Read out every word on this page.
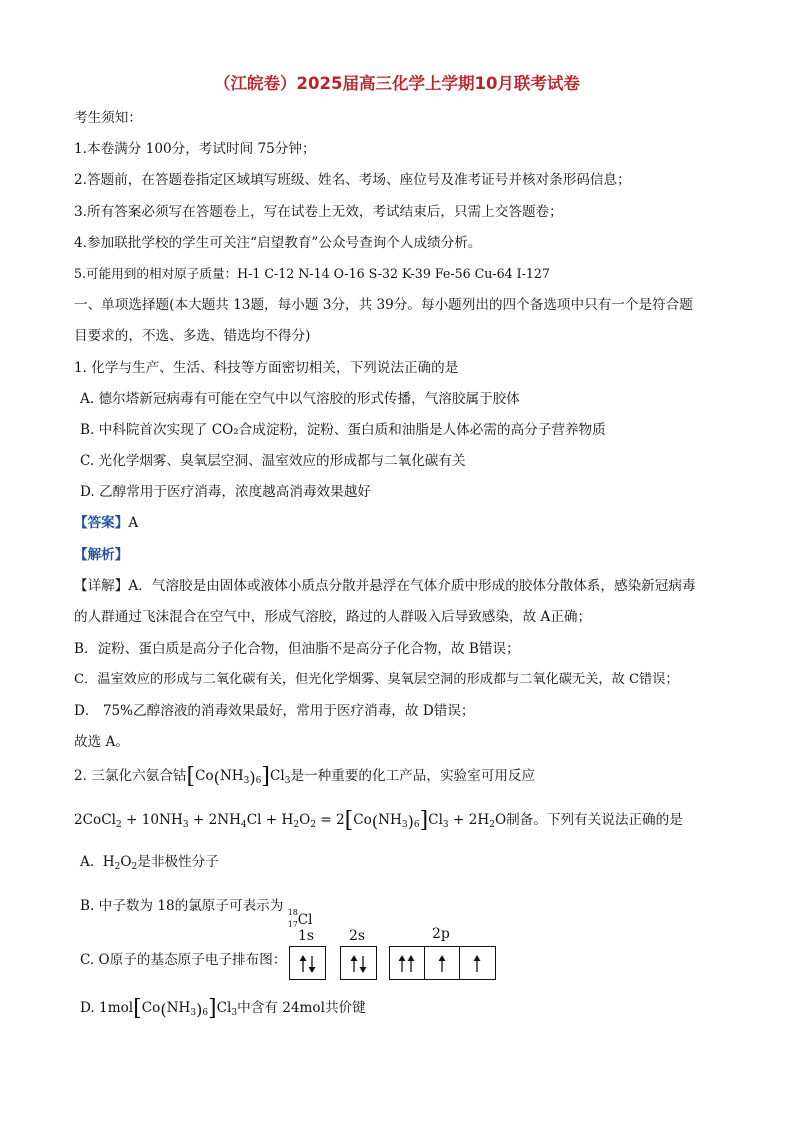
（江皖卷）2025届高三化学上学期10月联考试卷
考生须知：
1.本卷满分 100分，考试时间 75分钟；
2.答题前，在答题卷指定区域填写班级、姓名、考场、座位号及准考证号并核对条形码信息；
3.所有答案必须写在答题卷上，写在试卷上无效，考试结束后，只需上交答题卷；
4.参加联批学校的学生可关注“启望教育”公众号查询个人成绩分析。
5.可能用到的相对原子质量：H-1 C-12 N-14 O-16 S-32 K-39 Fe-56 Cu-64 I-127
一、单项选择题(本大题共 13题，每小题 3分，共 39分。每小题列出的四个备选项中只有一个是符合题
目要求的，不选、多选、错选均不得分)
1. 化学与生产、生活、科技等方面密切相关，下列说法正确的是
A. 德尔塔新冠病毒有可能在空气中以气溶胶的形式传播，气溶胶属于胶体
B. 中科院首次实现了 CO₂合成淀粉，淀粉、蛋白质和油脂是人体必需的高分子营养物质
C. 光化学烟雾、臭氧层空洞、温室效应的形成都与二氧化碳有关
D. 乙醇常用于医疗消毒，浓度越高消毒效果越好
【答案】A
【解析】
【详解】A．气溶胶是由固体或液体小质点分散并悬浮在气体介质中形成的胶体分散体系，感染新冠病毒
的人群通过飞沫混合在空气中，形成气溶胶，路过的人群吸入后导致感染，故 A正确；
B．淀粉、蛋白质是高分子化合物，但油脂不是高分子化合物，故 B错误；
C．温室效应的形成与二氧化碳有关，但光化学烟雾、臭氧层空洞的形成都与二氧化碳无关，故 C错误；
D． 75%乙醇溶液的消毒效果最好，常用于医疗消毒，故 D错误；
故选 A。
2. 三氯化六氨合钴$[Co(NH_3)_6]Cl_3$是一种重要的化工产品，实验室可用反应
2CoCl$_2$ + $10NH_3 + 2NH_4Cl + H_2O_2 = 2[Co(NH_3)_6]Cl_3 + 2H_2O$制备。下列有关说法正确的是
A. $H_2O_2$是非极性分子
B. 中子数为 18的氯原子可表示为 18
17 Cl
C. O原子的基态原子电子排布图：
1s 2s	2p
D. $1mol[Co(NH_3)_6]Cl_3$中含有 24mol共价键
